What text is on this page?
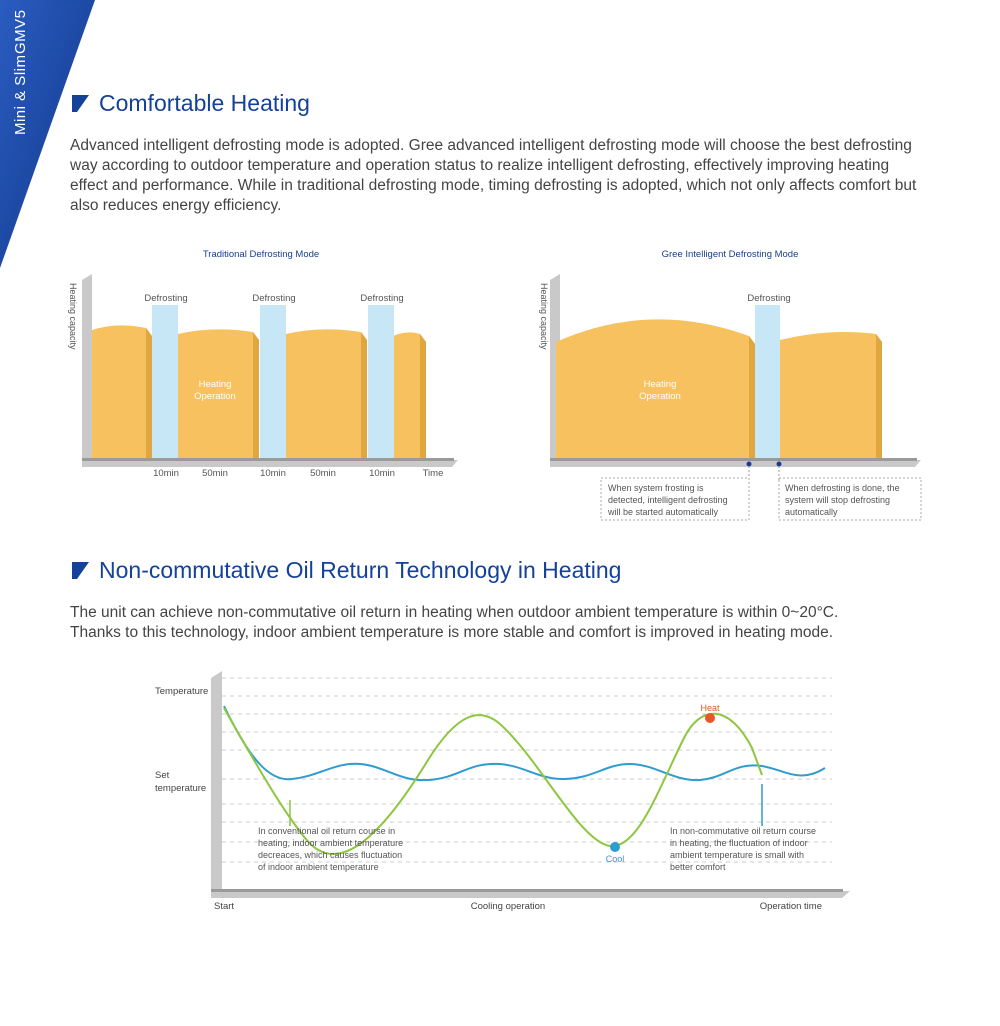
GMV5
Mini & Slim	Comfortable Heating

Advanced intelligent defrosting mode is adopted. Gree advanced intelligent defrosting mode will choose the best defrosting way according to outdoor temperature and operation status to realize intelligent defrosting, effectively improving heating effect and performance. While in traditional defrosting mode, timing defrosting is adopted, which not only affects comfort but also reduces energy efficiency.

Traditional Defrosting Mode
Heating capacity	Defrosting	Defrosting	Defrosting
Heating
Operation
10min 50min	10min	50min	10min	Time
Gree Intelligent Defrosting Mode
Heating capacity	Defrosting
Heating
Operation
When system frosting is
detected, intelligent defrosting
will be started automatically
When defrosting is done, the
system will stop defrosting
automatically
Non-commutative Oil Return Technology in Heating

The unit can achieve non-commutative oil return in heating when outdoor ambient temperature is within 0~20°C.

Thanks to this technology, indoor ambient temperature is more stable and comfort is improved in heating mode.

Temperature
Set
temperature
Heat
Cool
In conventional oil return course in
heating, indoor ambient temperature
decreaces, which causes fluctuation
of indoor ambient temperature
In non-commutative oil return course
in heating, the fluctuation of indoor
ambient temperature is small with
better comfort
Start	Cooling operation	Operation time
